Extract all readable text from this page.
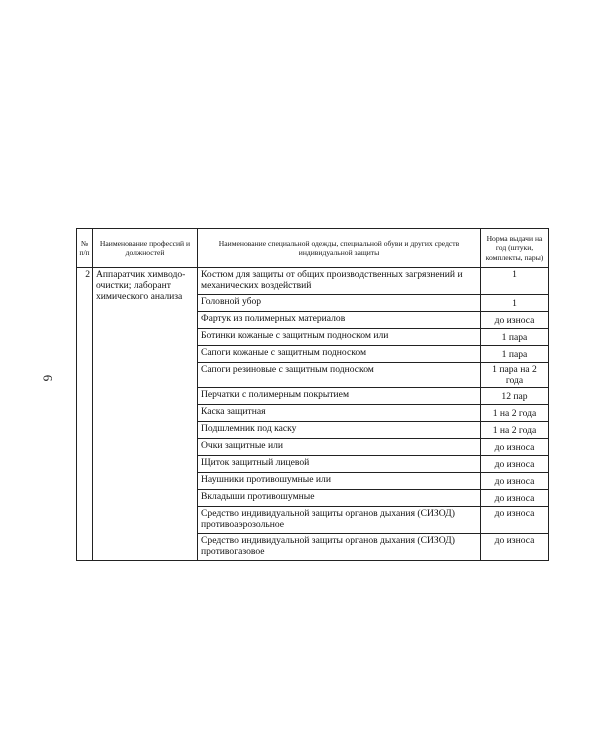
6
№ п/п	Наименование профессий и должностей	Наименование специальной одежды, специальной обуви и других средств индивидуальной защиты	Норма выдачи на год (штуки, комплекты, пары)
2	Аппаратчик химводо-очистки; лаборант химического анализа	Костюм для защиты от общих производственных загрязнений и механических воздействий	1
		Головной убор	1
		Фартук из полимерных материалов	до износа
		Ботинки кожаные с защитным подноском или	1 пара
		Сапоги кожаные с защитным подноском	1 пара
		Сапоги резиновые с защитным подноском	1 пара на 2 года
		Перчатки с полимерным покрытием	12 пар
		Каска защитная	1 на 2 года
		Подшлемник под каску	1 на 2 года
		Очки защитные или	до износа
		Щиток защитный лицевой	до износа
		Наушники противошумные или	до износа
		Вкладыши противошумные	до износа
		Средство индивидуальной защиты органов дыхания (СИЗОД) противоаэрозольное	до износа
		Средство индивидуальной защиты органов дыхания (СИЗОД) противогазовое	до износа
